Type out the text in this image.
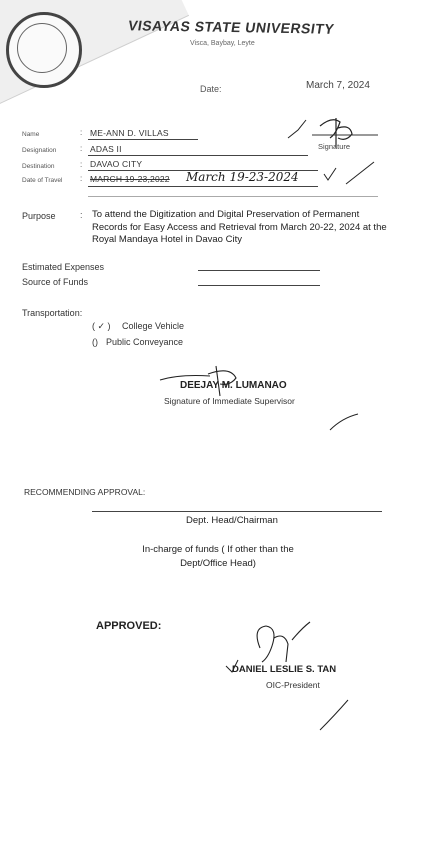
VISAYAS STATE UNIVERSITY
Visca, Baybay, Leyte
Date:	March 7, 2024
Name	: ME-ANN D. VILLAS
Designation	: ADAS II
Destination	: DAVAO CITY
Date of Travel : MARCH 19-23,2022 March 19-23-2024
Signature
Purpose	: To attend the Digitization and Digital Preservation of Permanent Records for Easy Access and Retrieval from March 20-22, 2024 at the Royal Mandaya Hotel in Davao City
Estimated Expenses
Source of Funds
Transportation:
( ✓ ) College Vehicle
() Public Conveyance
DEEJAY M. LUMANAO
Signature of Immediate Supervisor
RECOMMENDING APPROVAL:
Dept. Head/Chairman
In-charge of funds ( If other than the
Dept/Office Head)
APPROVED:
DANIEL LESLIE S. TAN
OIC-President
